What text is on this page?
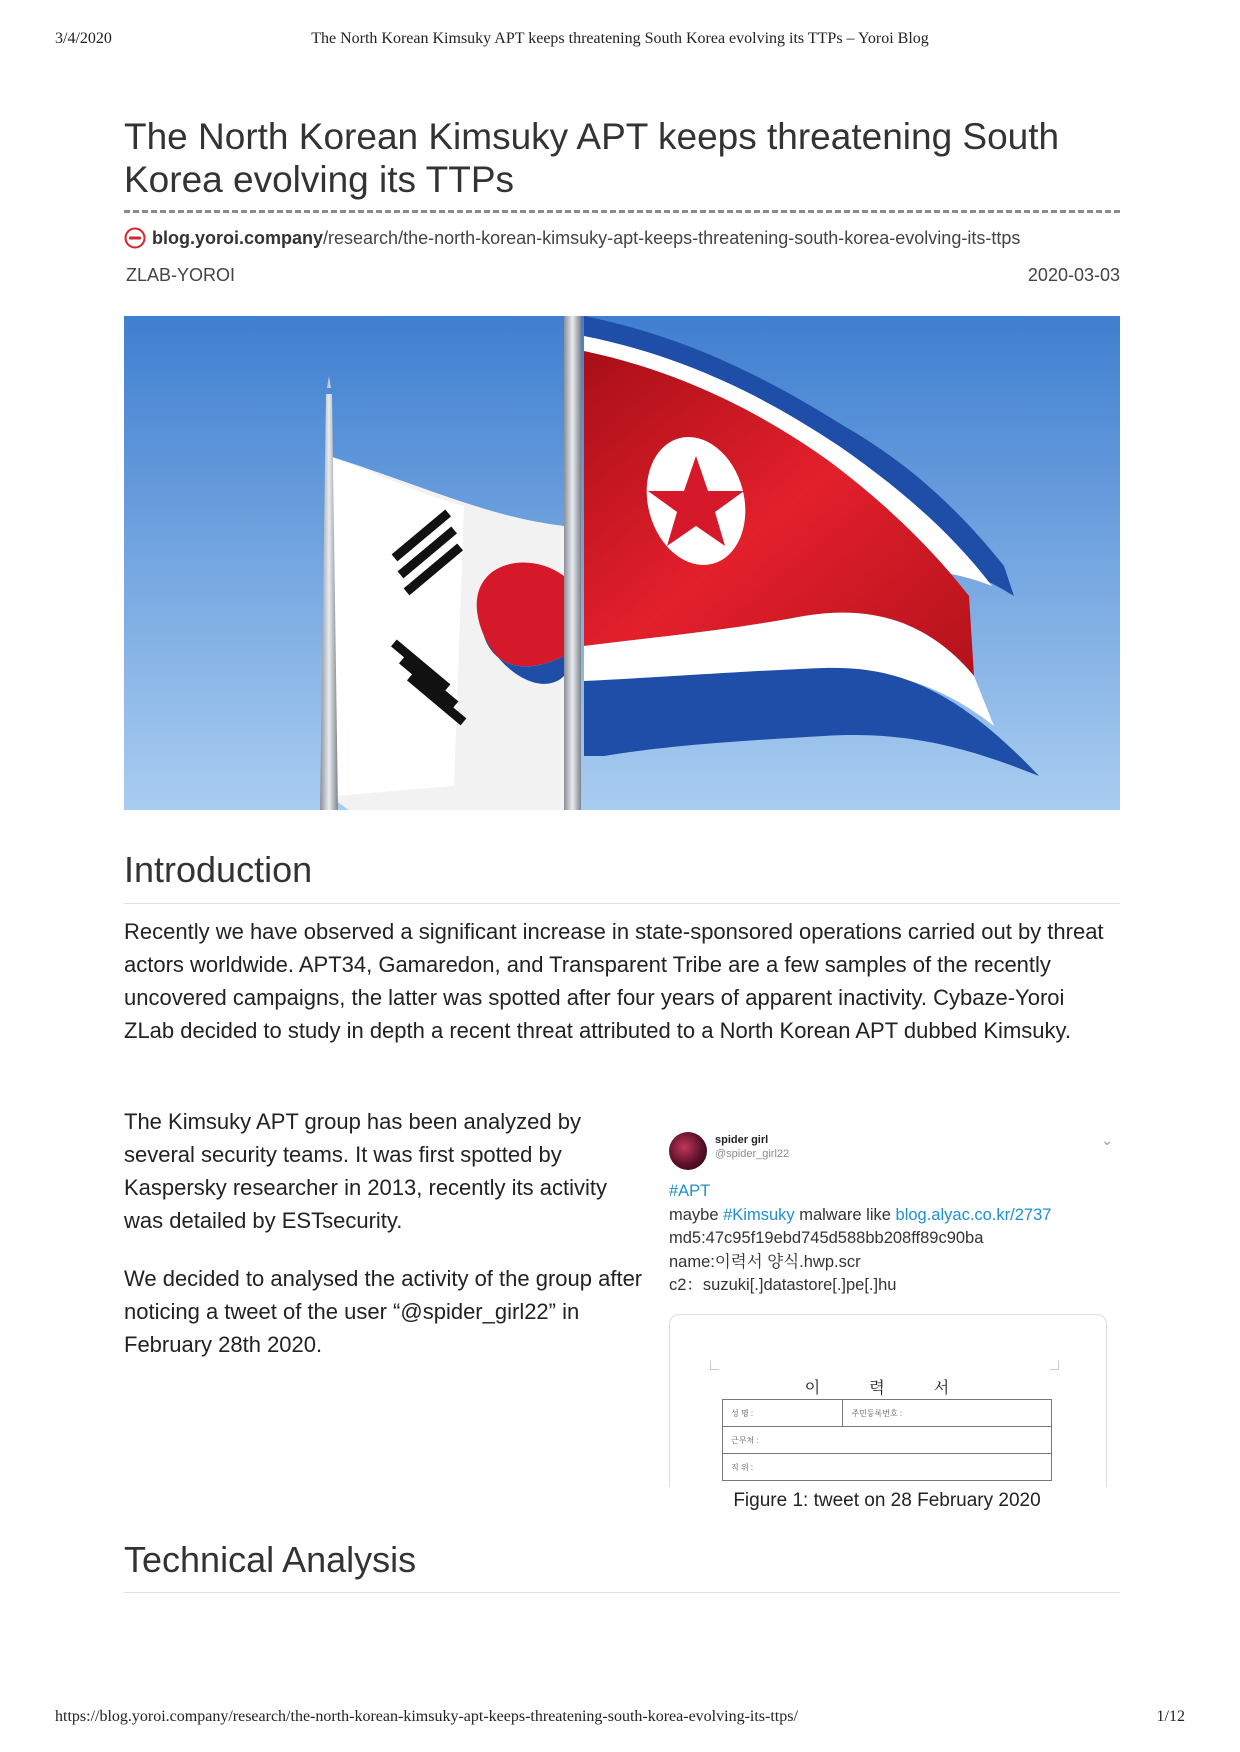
3/4/2020	The North Korean Kimsuky APT keeps threatening South Korea evolving its TTPs – Yoroi Blog
The North Korean Kimsuky APT keeps threatening South Korea evolving its TTPs
blog.yoroi.company/research/the-north-korean-kimsuky-apt-keeps-threatening-south-korea-evolving-its-ttps
ZLAB-YOROI	2020-03-03
Introduction

Recently we have observed a significant increase in state-sponsored operations carried out by threat actors worldwide. APT34, Gamaredon, and Transparent Tribe are a few samples of the recently uncovered campaigns, the latter was spotted after four years of apparent inactivity. Cybaze-Yoroi ZLab decided to study in depth a recent threat attributed to a North Korean APT dubbed Kimsuky.

The Kimsuky APT group has been analyzed by several security teams. It was first spotted by Kaspersky researcher in 2013, recently its activity was detailed by ESTsecurity.

We decided to analysed the activity of the group after noticing a tweet of the user “@spider_girl22” in February 28th 2020.

spider girl
@spider_girl22
⌄
#APT
maybe #Kimsuky malware like blog.alyac.co.kr/2737
md5:47c95f19ebd745d588bb208ff89c90ba
name:이력서 양식.hwp.scr
c2：suzuki[.]datastore[.]pe[.]hu
이 력 서
성 명 :	주민등록번호 :
근무처 :
직 위 :
Figure 1: tweet on 28 February 2020
Technical Analysis
https://blog.yoroi.company/research/the-north-korean-kimsuky-apt-keeps-threatening-south-korea-evolving-its-ttps/	1/12
